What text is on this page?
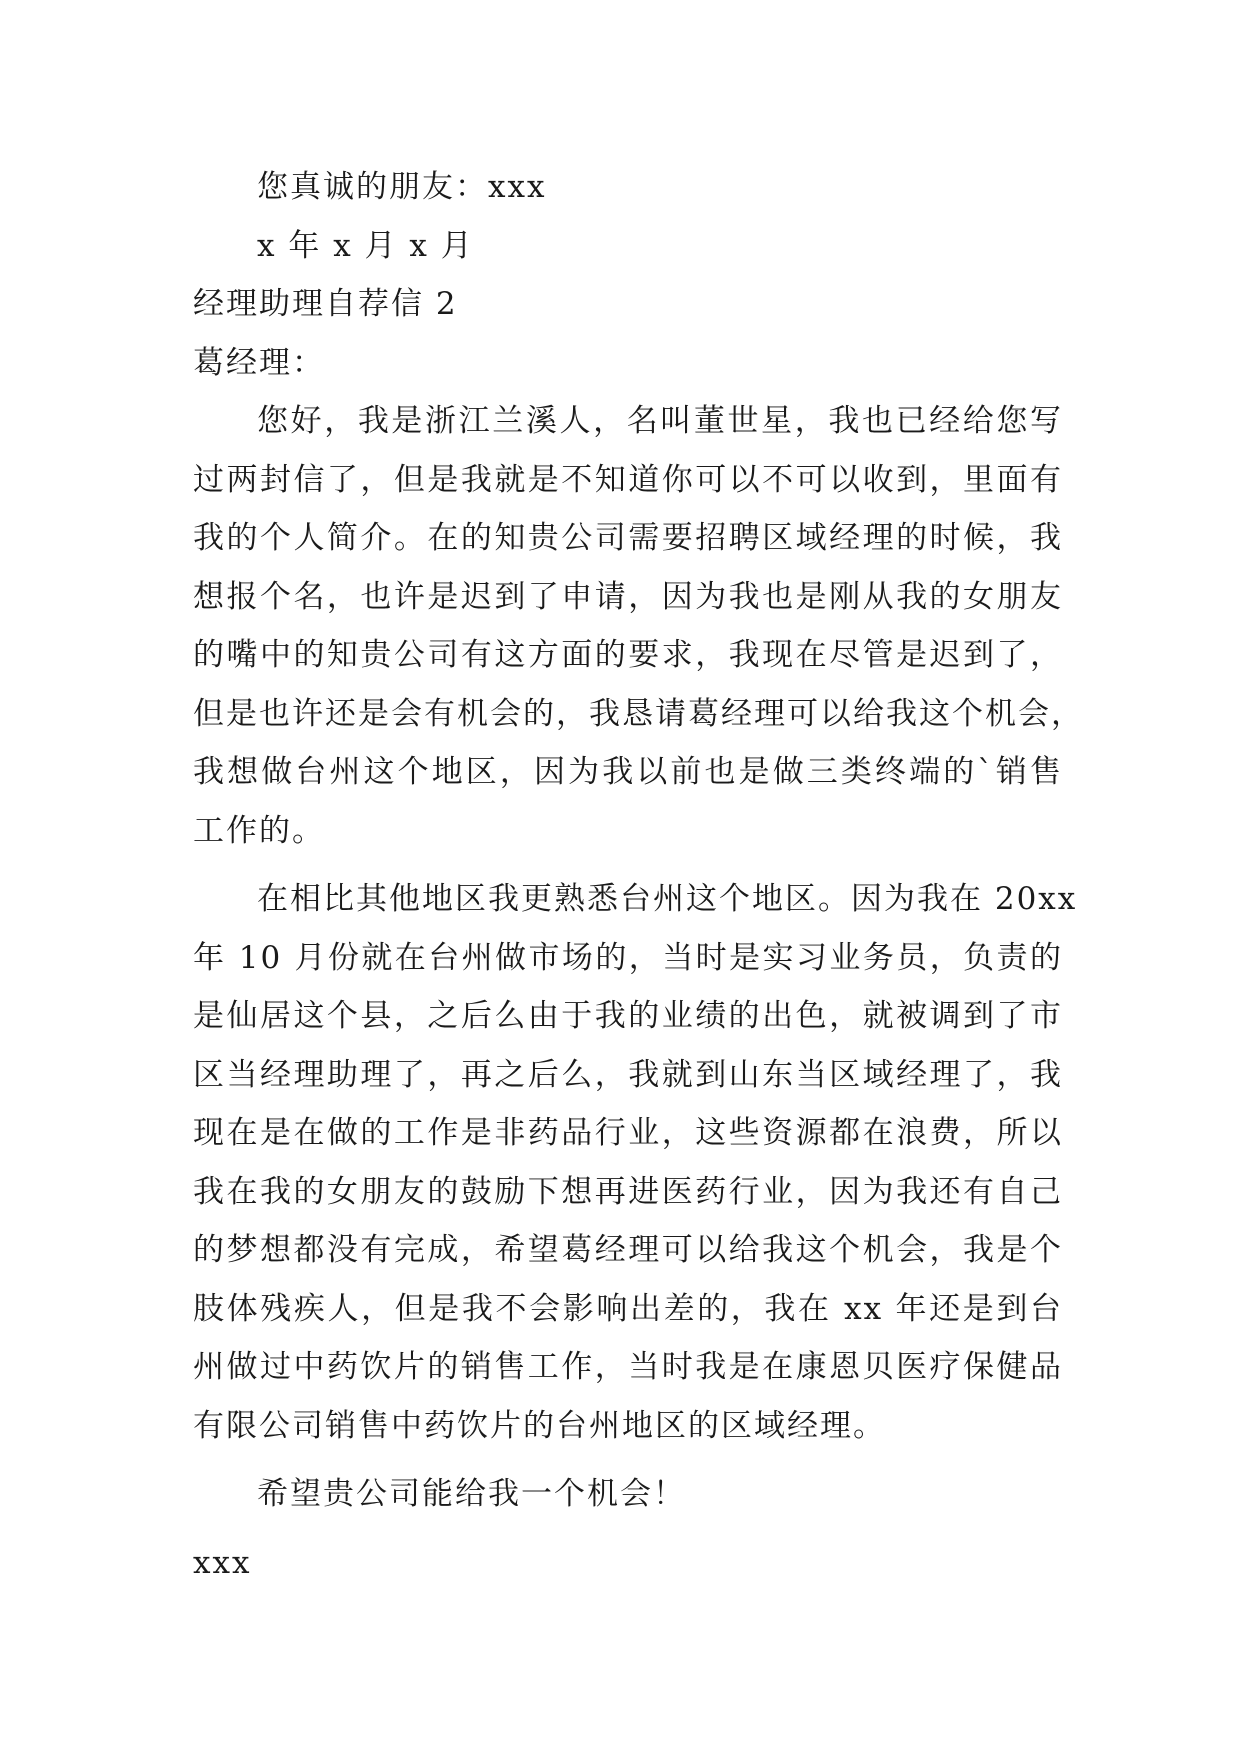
您真诚的朋友：xxx
x 年 x 月 x 月
经理助理自荐信 2
葛经理：
您好，我是浙江兰溪人，名叫董世星，我也已经给您写
过两封信了，但是我就是不知道你可以不可以收到，里面有
我的个人简介。在的知贵公司需要招聘区域经理的时候，我
想报个名，也许是迟到了申请，因为我也是刚从我的女朋友
的嘴中的知贵公司有这方面的要求，我现在尽管是迟到了，
但是也许还是会有机会的，我恳请葛经理可以给我这个机会，
我想做台州这个地区，因为我以前也是做三类终端的`销售
工作的。
在相比其他地区我更熟悉台州这个地区。因为我在 20xx
年 10 月份就在台州做市场的，当时是实习业务员，负责的
是仙居这个县，之后么由于我的业绩的出色，就被调到了市
区当经理助理了，再之后么，我就到山东当区域经理了，我
现在是在做的工作是非药品行业，这些资源都在浪费，所以
我在我的女朋友的鼓励下想再进医药行业，因为我还有自己
的梦想都没有完成，希望葛经理可以给我这个机会，我是个
肢体残疾人，但是我不会影响出差的，我在 xx 年还是到台
州做过中药饮片的销售工作，当时我是在康恩贝医疗保健品
有限公司销售中药饮片的台州地区的区域经理。
希望贵公司能给我一个机会！
xxx
